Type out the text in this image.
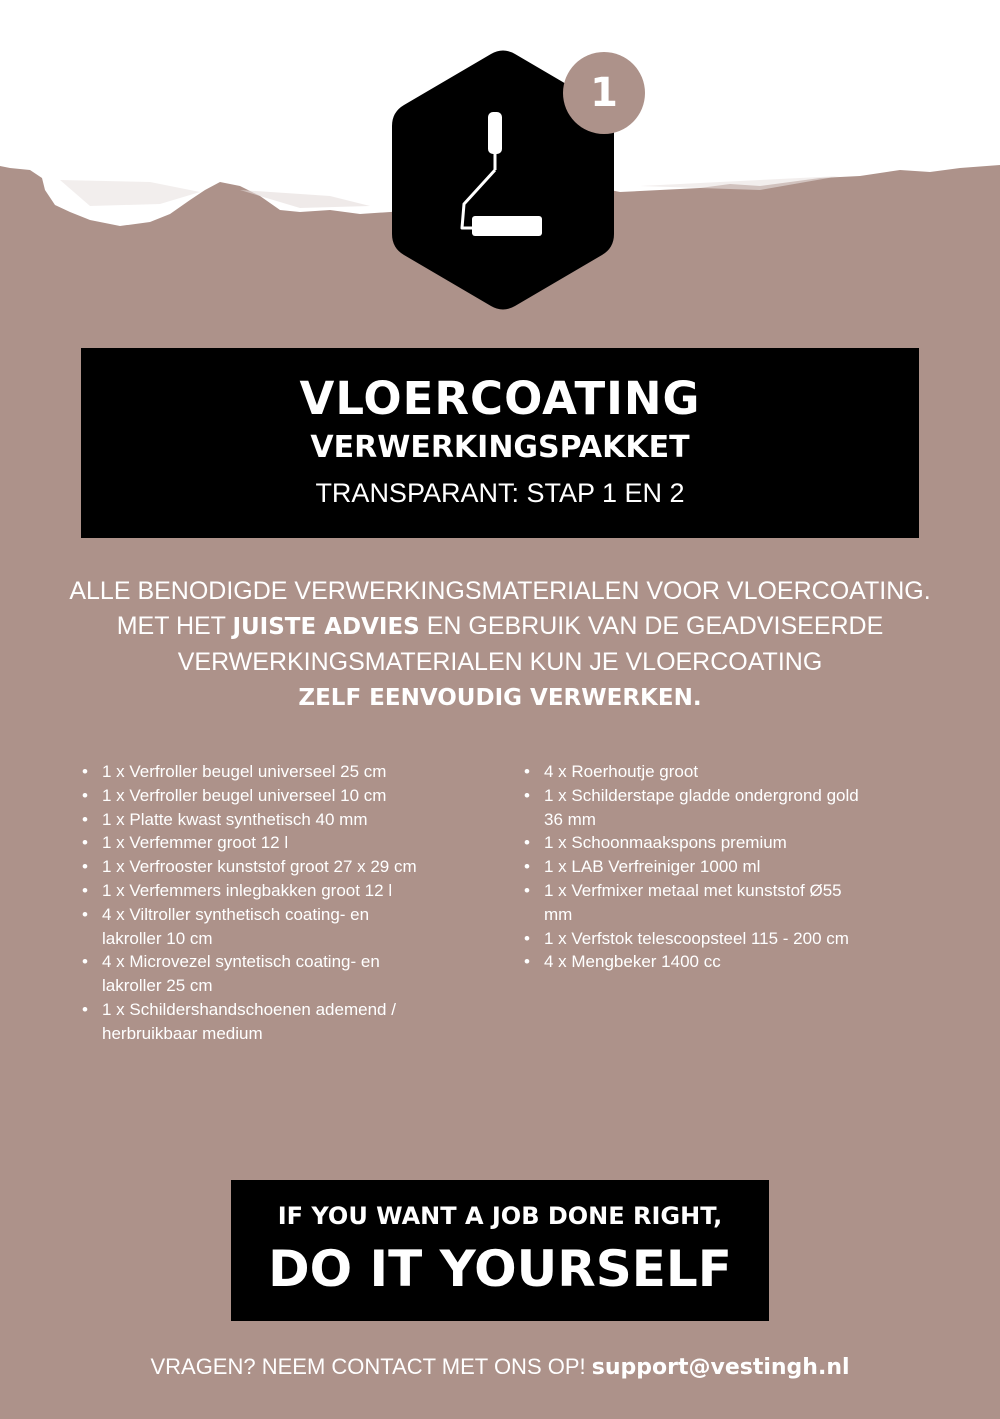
1
VLOERCOATING
VERWERKINGSPAKKET
TRANSPARANT: STAP 1 EN 2
ALLE BENODIGDE VERWERKINGSMATERIALEN VOOR VLOERCOATING. MET HET JUISTE ADVIES EN GEBRUIK VAN DE GEADVISEERDE VERWERKINGSMATERIALEN KUN JE VLOERCOATING
ZELF EENVOUDIG VERWERKEN.
• 1 x Verfroller beugel universeel 25 cm
• 1 x Verfroller beugel universeel 10 cm
• 1 x Platte kwast synthetisch 40 mm
• 1 x Verfemmer groot 12 l
• 1 x Verfrooster kunststof groot 27 x 29 cm
• 1 x Verfemmers inlegbakken groot 12 l
• 4 x Viltroller synthetisch coating- en lakroller 10 cm
• 4 x Microvezel syntetisch coating- en lakroller 25 cm
• 1 x Schildershandschoenen ademend / herbruikbaar medium
• 4 x Roerhoutje groot
• 1 x Schilderstape gladde ondergrond gold 36 mm
• 1 x Schoonmaakspons premium
• 1 x LAB Verfreiniger 1000 ml
• 1 x Verfmixer metaal met kunststof Ø55 mm
• 1 x Verfstok telescoopsteel 115 - 200 cm
• 4 x Mengbeker 1400 cc
IF YOU WANT A JOB DONE RIGHT,
DO IT YOURSELF
VRAGEN? NEEM CONTACT MET ONS OP! support@vestingh.nl
